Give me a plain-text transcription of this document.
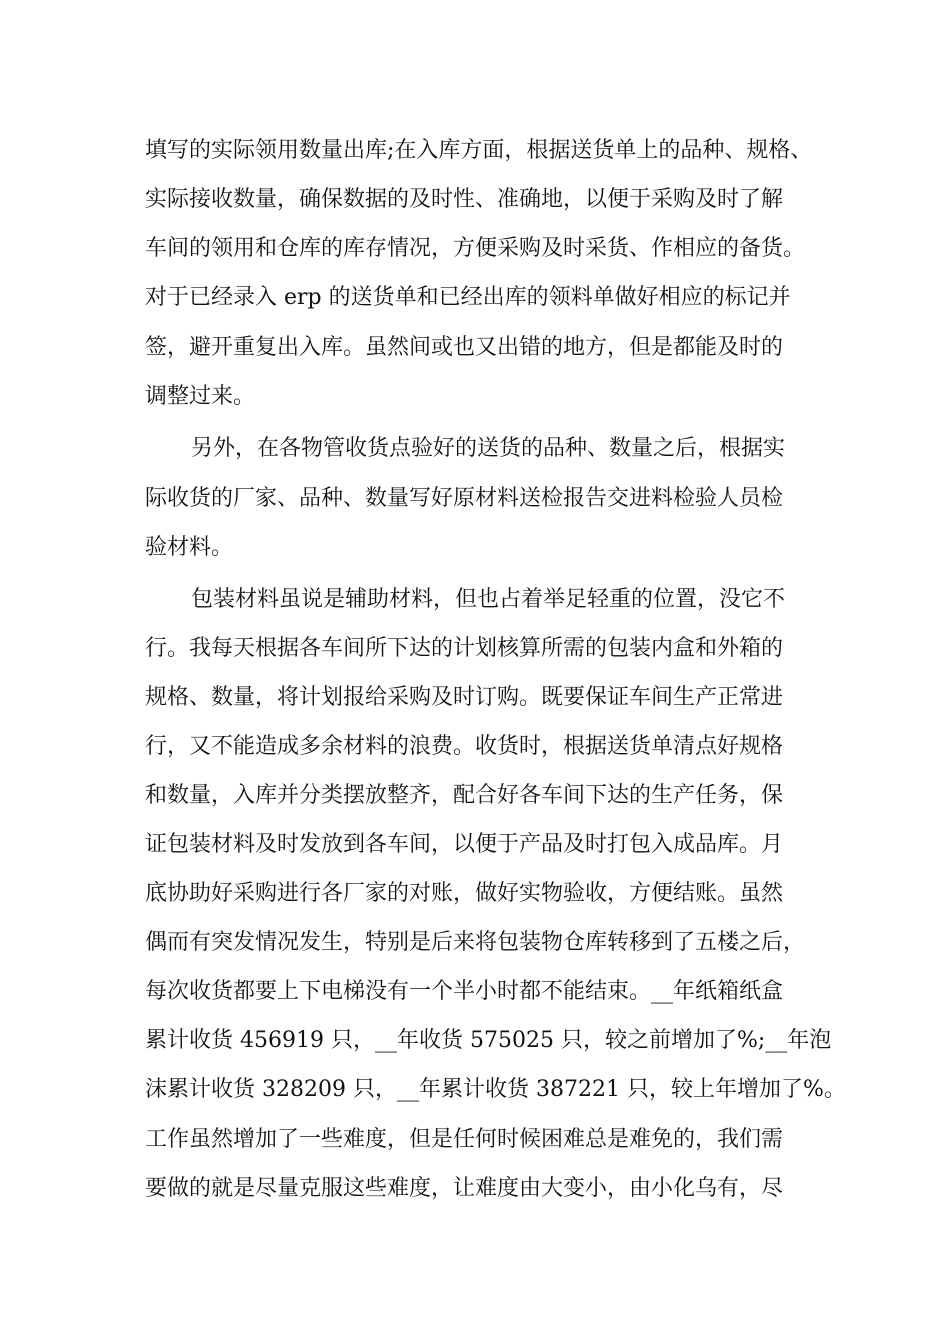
填写的实际领用数量出库;在入库方面，根据送货单上的品种、规格、
实际接收数量，确保数据的及时性、准确地，以便于采购及时了解
车间的领用和仓库的库存情况，方便采购及时采货、作相应的备货。
对于已经录入 erp 的送货单和已经出库的领料单做好相应的标记并
签，避开重复出入库。虽然间或也又出错的地方，但是都能及时的
调整过来。
另外，在各物管收货点验好的送货的品种、数量之后，根据实
际收货的厂家、品种、数量写好原材料送检报告交进料检验人员检
验材料。
包装材料虽说是辅助材料，但也占着举足轻重的位置，没它不
行。我每天根据各车间所下达的计划核算所需的包装内盒和外箱的
规格、数量，将计划报给采购及时订购。既要保证车间生产正常进
行，又不能造成多余材料的浪费。收货时，根据送货单清点好规格
和数量，入库并分类摆放整齐，配合好各车间下达的生产任务，保
证包装材料及时发放到各车间，以便于产品及时打包入成品库。月
底协助好采购进行各厂家的对账，做好实物验收，方便结账。虽然
偶而有突发情况发生，特别是后来将包装物仓库转移到了五楼之后，
每次收货都要上下电梯没有一个半小时都不能结束。__年纸箱纸盒
累计收货 456919 只，__年收货 575025 只，较之前增加了%;__年泡
沫累计收货 328209 只，__年累计收货 387221 只，较上年增加了%。
工作虽然增加了一些难度，但是任何时候困难总是难免的，我们需
要做的就是尽量克服这些难度，让难度由大变小，由小化乌有，尽
